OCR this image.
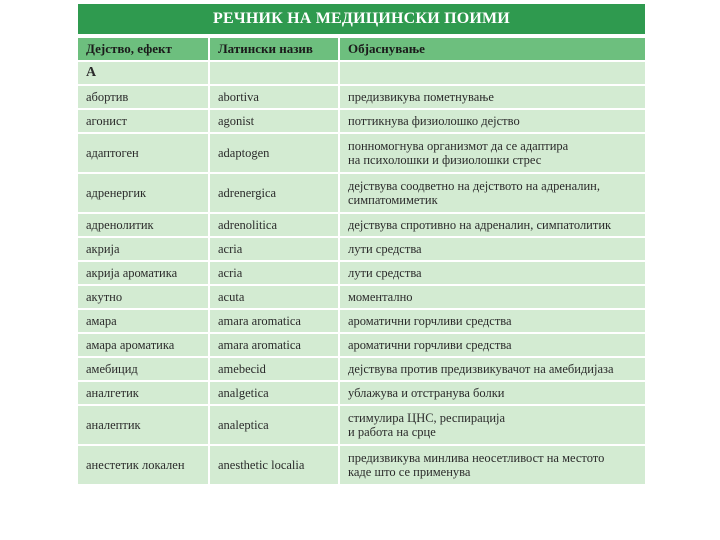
РЕЧНИК НА МЕДИЦИНСКИ ПОИМИ
Дејство, ефект	Латински назив	Објаснување
А		
абортив	abortiva	предизвикува пометнување
агонист	agonist	поттикнува физиолошко дејство
адаптоген	adaptogen	понномогнува организмот да се адаптира
на психолошки и физиолошки стрес
адренергик	adrenergica	дејствува соодветно на дејството на адреналин,
симпатомиметик
адренолитик	adrenolitica	дејствува спротивно на адреналин, симпатолитик
акрија	acria	лути средства
акрија ароматика	acria	лути средства
акутно	acuta	моментално
амара	amara aromatica	ароматични горчливи средства
амара ароматика	amara aromatica	ароматични горчливи средства
амебицид	amebecid	дејствува против предизвикувачот на амебидијаза
аналгетик	analgetica	ублажува и отстранува болки
аналептик	analeptica	стимулира ЦНС, респирација
и работа на срце
анестетик локален	anesthetic localia	предизвикува минлива неосетливост на местото
каде што се применува
